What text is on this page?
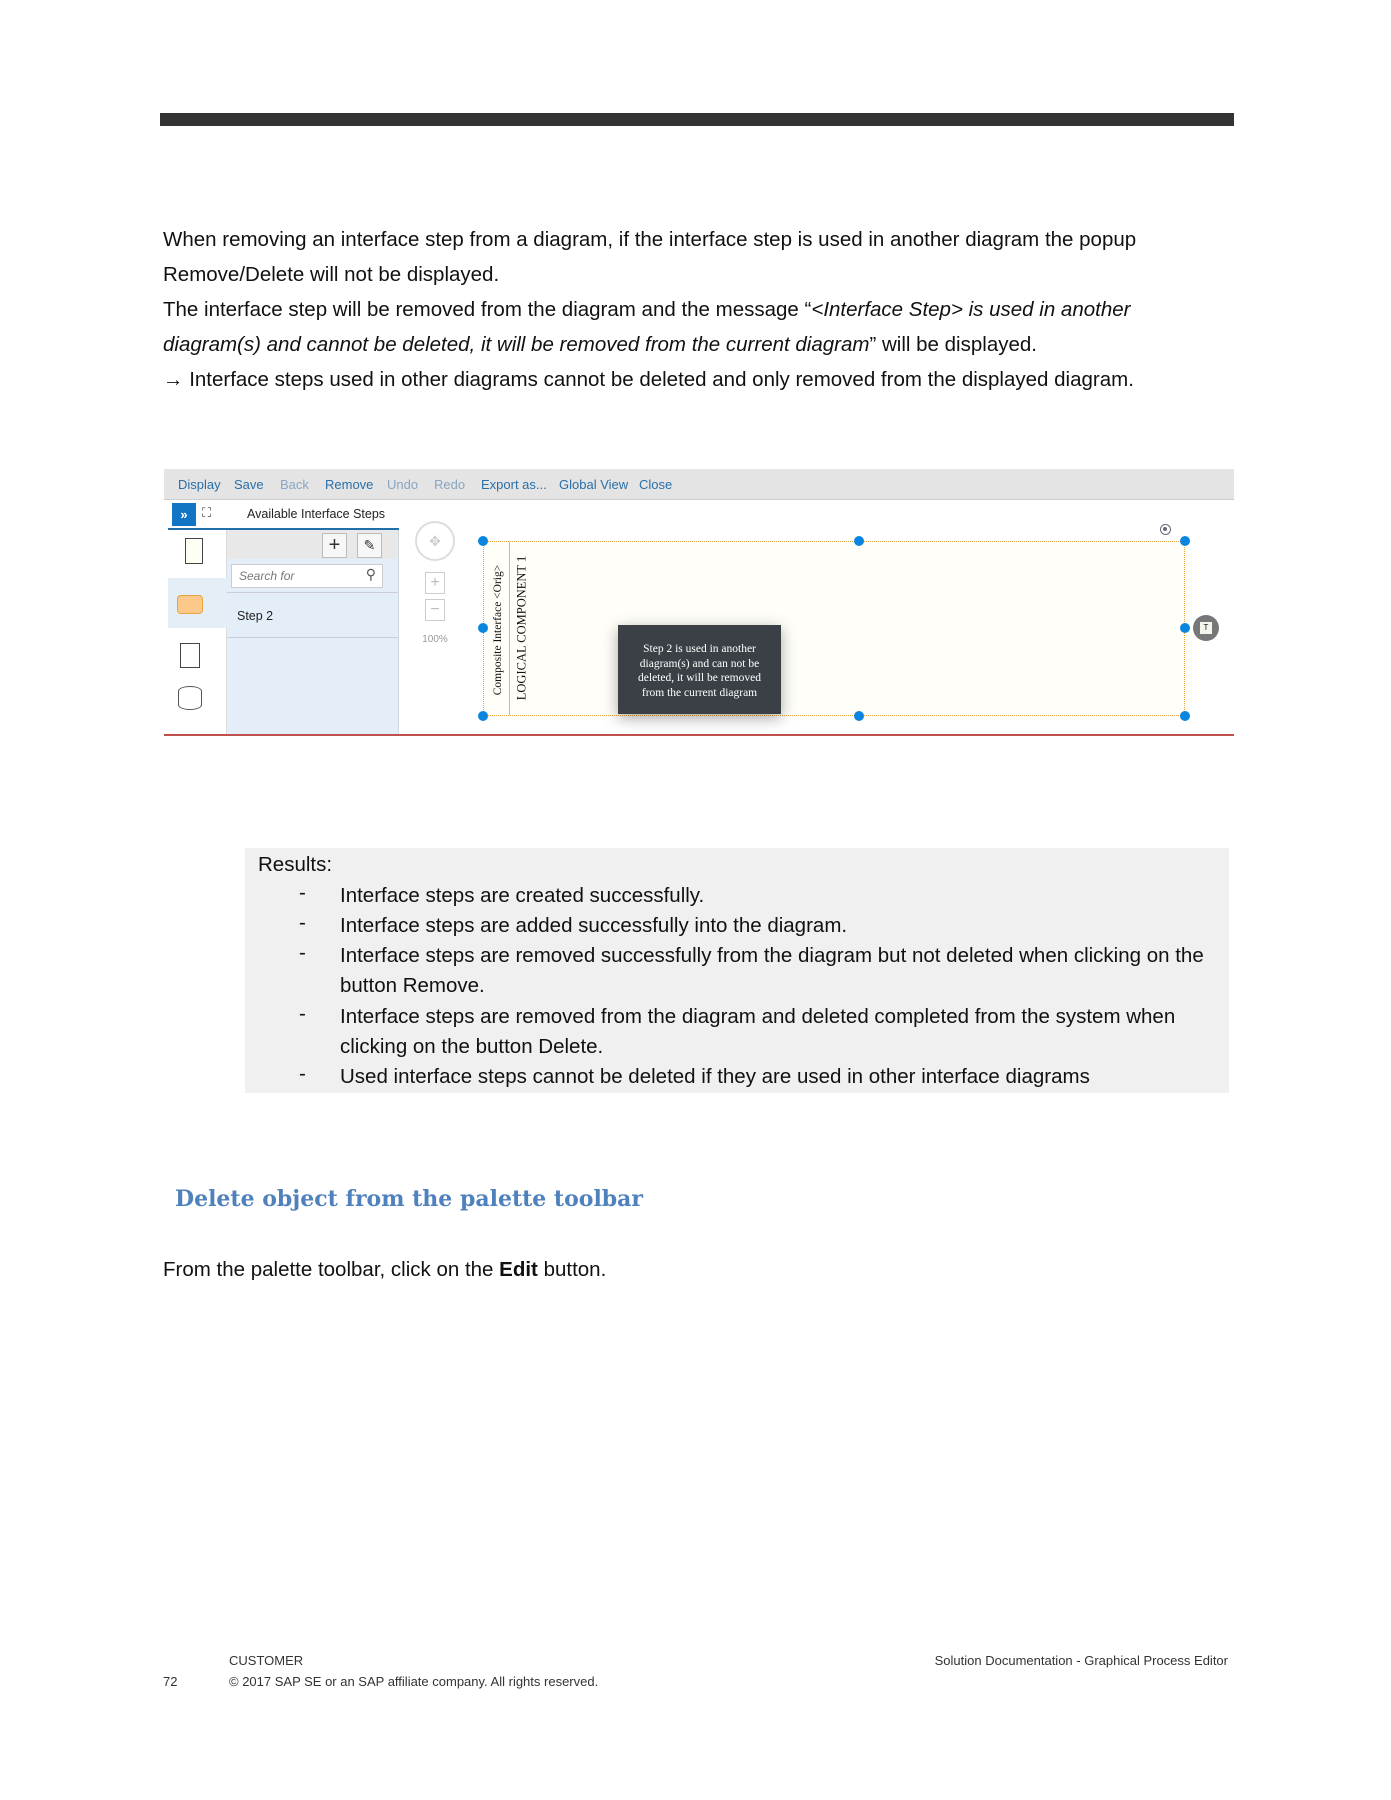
When removing an interface step from a diagram, if the interface step is used in another diagram the popup Remove/Delete will not be displayed.
The interface step will be removed from the diagram and the message “<Interface Step> is used in another diagram(s) and cannot be deleted, it will be removed from the current diagram” will be displayed.
→ Interface steps used in other diagrams cannot be deleted and only removed from the displayed diagram.
Display Save Back Remove Undo Redo Export as... Global View Close
»	⛶	Available Interface Steps
+	✎
Search for	⚲
Step 2
✥
+
−
100%	Composite Interface <Orig> LOGICAL COMPONENT 1	T
Step 2 is used in another diagram(s) and can not be deleted, it will be removed from the current diagram
Results:
- Interface steps are created successfully.
- Interface steps are added successfully into the diagram.
- Interface steps are removed successfully from the diagram but not deleted when clicking on the button Remove.
- Interface steps are removed from the diagram and deleted completed from the system when clicking on the button Delete.
- Used interface steps cannot be deleted if they are used in other interface diagrams
Delete object from the palette toolbar
From the palette toolbar, click on the Edit button.
CUSTOMER
72	© 2017 SAP SE or an SAP affiliate company. All rights reserved.
Solution Documentation - Graphical Process Editor
